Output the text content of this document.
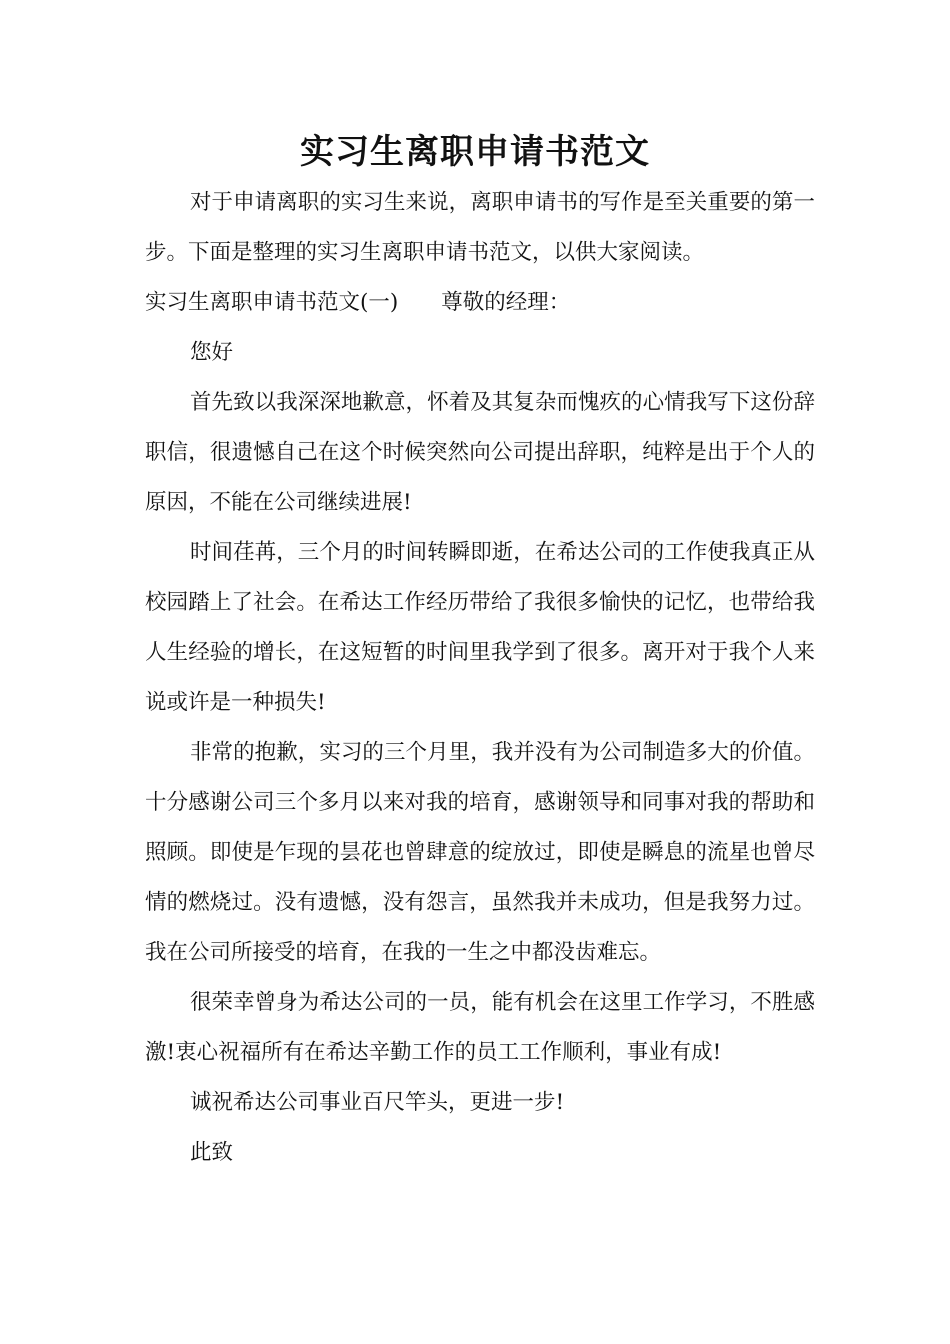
实习生离职申请书范文

对于申请离职的实习生来说，离职申请书的写作是至关重要的第一步。下面是整理的实习生离职申请书范文，以供大家阅读。

实习生离职申请书范文(一)　　尊敬的经理：

您好

首先致以我深深地歉意，怀着及其复杂而愧疚的心情我写下这份辞职信，很遗憾自己在这个时候突然向公司提出辞职，纯粹是出于个人的原因，不能在公司继续进展!

时间荏苒，三个月的时间转瞬即逝，在希达公司的工作使我真正从校园踏上了社会。在希达工作经历带给了我很多愉快的记忆，也带给我人生经验的增长，在这短暂的时间里我学到了很多。离开对于我个人来说或许是一种损失!

非常的抱歉，实习的三个月里，我并没有为公司制造多大的价值。十分感谢公司三个多月以来对我的培育，感谢领导和同事对我的帮助和照顾。即使是乍现的昙花也曾肆意的绽放过，即使是瞬息的流星也曾尽情的燃烧过。没有遗憾，没有怨言，虽然我并未成功，但是我努力过。我在公司所接受的培育，在我的一生之中都没齿难忘。

很荣幸曾身为希达公司的一员，能有机会在这里工作学习，不胜感激!衷心祝福所有在希达辛勤工作的员工工作顺利，事业有成!

诚祝希达公司事业百尺竿头，更进一步!

此致
